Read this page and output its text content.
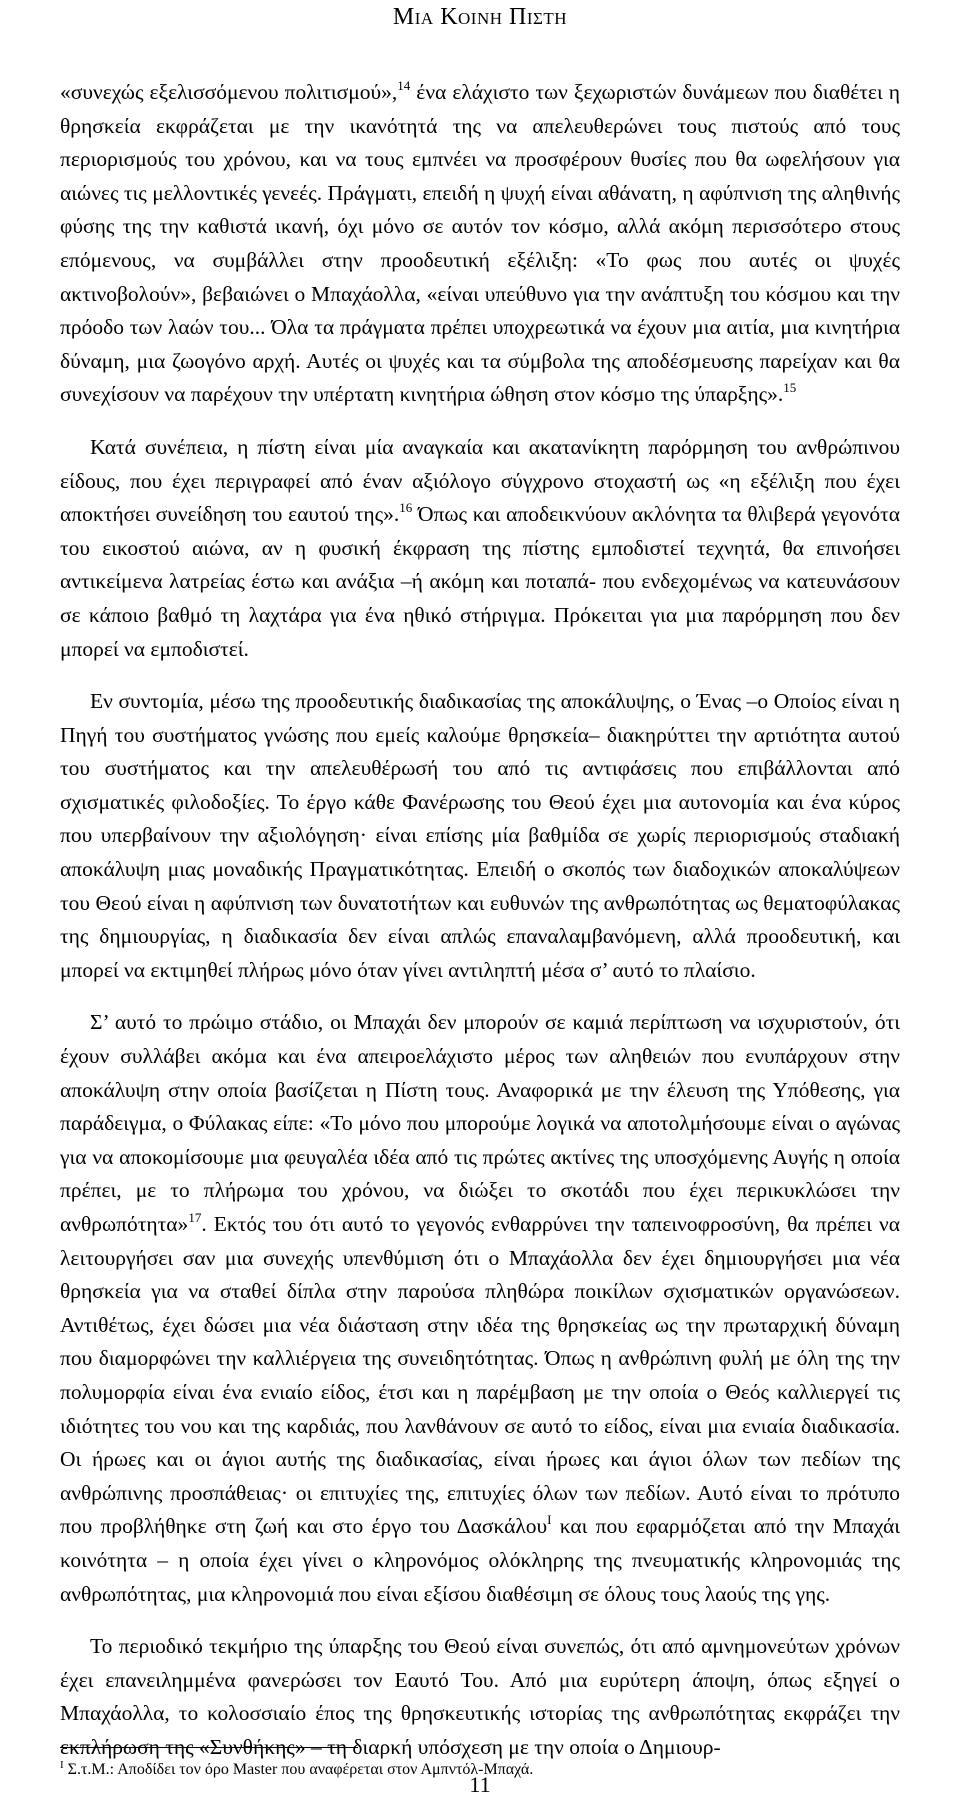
Μια Κοινη Πιστη

«συνεχώς εξελισσόμενου πολιτισμού»,$^{14}$ ένα ελάχιστο των ξεχωριστών δυνάμεων που διαθέτει η θρησκεία εκφράζεται με την ικανότητά της να απελευθερώνει τους πιστούς από τους περιορισμούς του χρόνου, και να τους εμπνέει να προσφέρουν θυσίες που θα ωφελήσουν για αιώνες τις μελλοντικές γενεές. Πράγματι, επειδή η ψυχή είναι αθάνατη, η αφύπνιση της αληθινής φύσης της την καθιστά ικανή, όχι μόνο σε αυτόν τον κόσμο, αλλά ακόμη περισσότερο στους επόμενους, να συμβάλλει στην προοδευτική εξέλιξη: «Το φως που αυτές οι ψυχές ακτινοβολούν», βεβαιώνει ο Μπαχάολλα, «είναι υπεύθυνο για την ανάπτυξη του κόσμου και την πρόοδο των λαών του... Όλα τα πράγματα πρέπει υποχρεωτικά να έχουν μια αιτία, μια κινητήρια δύναμη, μια ζωογόνο αρχή. Αυτές οι ψυχές και τα σύμβολα της αποδέσμευσης παρείχαν και θα συνεχίσουν να παρέχουν την υπέρτατη κινητήρια ώθηση στον κόσμο της ύπαρξης».$^{15}$

Κατά συνέπεια, η πίστη είναι μία αναγκαία και ακατανίκητη παρόρμηση του ανθρώπινου είδους, που έχει περιγραφεί από έναν αξιόλογο σύγχρονο στοχαστή ως «η εξέλιξη που έχει αποκτήσει συνείδηση του εαυτού της».$^{16}$ Όπως και αποδεικνύουν ακλόνητα τα θλιβερά γεγονότα του εικοστού αιώνα, αν η φυσική έκφραση της πίστης εμποδιστεί τεχνητά, θα επινοήσει αντικείμενα λατρείας έστω και ανάξια –ή ακόμη και ποταπά- που ενδεχομένως να κατευνάσουν σε κάποιο βαθμό τη λαχτάρα για ένα ηθικό στήριγμα. Πρόκειται για μια παρόρμηση που δεν μπορεί να εμποδιστεί.

Εν συντομία, μέσω της προοδευτικής διαδικασίας της αποκάλυψης, ο Ένας –ο Οποίος είναι η Πηγή του συστήματος γνώσης που εμείς καλούμε θρησκεία– διακηρύττει την αρτιότητα αυτού του συστήματος και την απελευθέρωσή του από τις αντιφάσεις που επιβάλλονται από σχισματικές φιλοδοξίες. Το έργο κάθε Φανέρωσης του Θεού έχει μια αυτονομία και ένα κύρος που υπερβαίνουν την αξιολόγηση· είναι επίσης μία βαθμίδα σε χωρίς περιορισμούς σταδιακή αποκάλυψη μιας μοναδικής Πραγματικότητας. Επειδή ο σκοπός των διαδοχικών αποκαλύψεων του Θεού είναι η αφύπνιση των δυνατοτήτων και ευθυνών της ανθρωπότητας ως θεματοφύλακας της δημιουργίας, η διαδικασία δεν είναι απλώς επαναλαμβανόμενη, αλλά προοδευτική, και μπορεί να εκτιμηθεί πλήρως μόνο όταν γίνει αντιληπτή μέσα σ’ αυτό το πλαίσιο.

Σ’ αυτό το πρώιμο στάδιο, οι Μπαχάι δεν μπορούν σε καμιά περίπτωση να ισχυριστούν, ότι έχουν συλλάβει ακόμα και ένα απειροελάχιστο μέρος των αληθειών που ενυπάρχουν στην αποκάλυψη στην οποία βασίζεται η Πίστη τους. Αναφορικά με την έλευση της Υπόθεσης, για παράδειγμα, ο Φύλακας είπε: «Το μόνο που μπορούμε λογικά να αποτολμήσουμε είναι ο αγώνας για να αποκομίσουμε μια φευγαλέα ιδέα από τις πρώτες ακτίνες της υποσχόμενης Αυγής η οποία πρέπει, με το πλήρωμα του χρόνου, να διώξει το σκοτάδι που έχει περικυκλώσει την ανθρωπότητα»$^{17}$. Εκτός του ότι αυτό το γεγονός ενθαρρύνει την ταπεινοφροσύνη, θα πρέπει να λειτουργήσει σαν μια συνεχής υπενθύμιση ότι ο Μπαχάολλα δεν έχει δημιουργήσει μια νέα θρησκεία για να σταθεί δίπλα στην παρούσα πληθώρα ποικίλων σχισματικών οργανώσεων. Αντιθέτως, έχει δώσει μια νέα διάσταση στην ιδέα της θρησκείας ως την πρωταρχική δύναμη που διαμορφώνει την καλλιέργεια της συνειδητότητας. Όπως η ανθρώπινη φυλή με όλη της την πολυμορφία είναι ένα ενιαίο είδος, έτσι και η παρέμβαση με την οποία ο Θεός καλλιεργεί τις ιδιότητες του νου και της καρδιάς, που λανθάνουν σε αυτό το είδος, είναι μια ενιαία διαδικασία. Οι ήρωες και οι άγιοι αυτής της διαδικασίας, είναι ήρωες και άγιοι όλων των πεδίων της ανθρώπινης προσπάθειας· οι επιτυχίες της, επιτυχίες όλων των πεδίων. Αυτό είναι το πρότυπο που προβλήθηκε στη ζωή και στο έργο του Δασκάλου$^I$ και που εφαρμόζεται από την Μπαχάι κοινότητα – η οποία έχει γίνει ο κληρονόμος ολόκληρης της πνευματικής κληρονομιάς της ανθρωπότητας, μια κληρονομιά που είναι εξίσου διαθέσιμη σε όλους τους λαούς της γης.

Το περιοδικό τεκμήριο της ύπαρξης του Θεού είναι συνεπώς, ότι από αμνημονεύτων χρόνων έχει επανειλημμένα φανερώσει τον Εαυτό Του. Από μια ευρύτερη άποψη, όπως εξηγεί ο Μπαχάολλα, το κολοσσιαίο έπος της θρησκευτικής ιστορίας της ανθρωπότητας εκφράζει την εκπλήρωση της «Συνθήκης» – τη διαρκή υπόσχεση με την οποία ο Δημιουρ-

$^I$ Σ.τ.Μ.: Αποδίδει τον όρο Master που αναφέρεται στον Αμπντόλ-Μπαχά.
11
